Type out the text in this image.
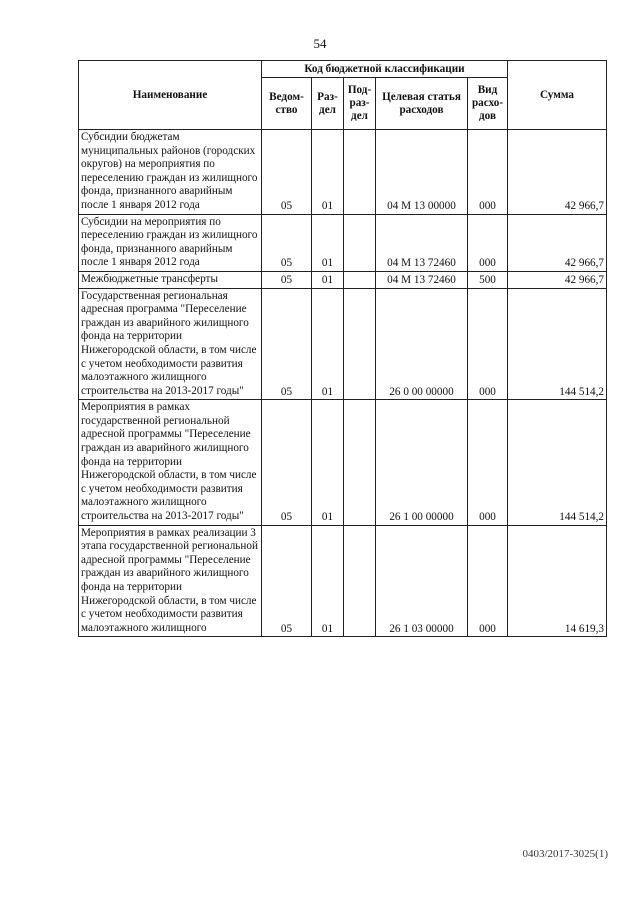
54
Наименование	Код бюджетной классификации					Сумма
	Ведом-ство	Раз-дел	Под-раз-дел	Целевая статья расходов	Вид расхо-дов	
Субсидии бюджетам муниципальных районов (городских округов) на мероприятия по переселению граждан из жилищного фонда, признанного аварийным после 1 января 2012 года	05	01		04 М 13 00000	000	42 966,7
Субсидии на мероприятия по переселению граждан из жилищного фонда, признанного аварийным после 1 января 2012 года	05	01		04 М 13 72460	000	42 966,7
Межбюджетные трансферты	05	01		04 М 13 72460	500	42 966,7
Государственная региональная адресная программа "Переселение граждан из аварийного жилищного фонда на территории Нижегородской области, в том числе с учетом необходимости развития малоэтажного жилищного строительства на 2013-2017 годы"	05	01		26 0 00 00000	000	144 514,2
Мероприятия в рамках государственной региональной адресной программы "Переселение граждан из аварийного жилищного фонда на территории Нижегородской области, в том числе с учетом необходимости развития малоэтажного жилищного строительства на 2013-2017 годы"	05	01		26 1 00 00000	000	144 514,2
Мероприятия в рамках реализации 3 этапа государственной региональной адресной программы "Переселение граждан из аварийного жилищного фонда на территории Нижегородской области, в том числе с учетом необходимости развития малоэтажного жилищного	05	01		26 1 03 00000	000	14 619,3
0403/2017-3025(1)
